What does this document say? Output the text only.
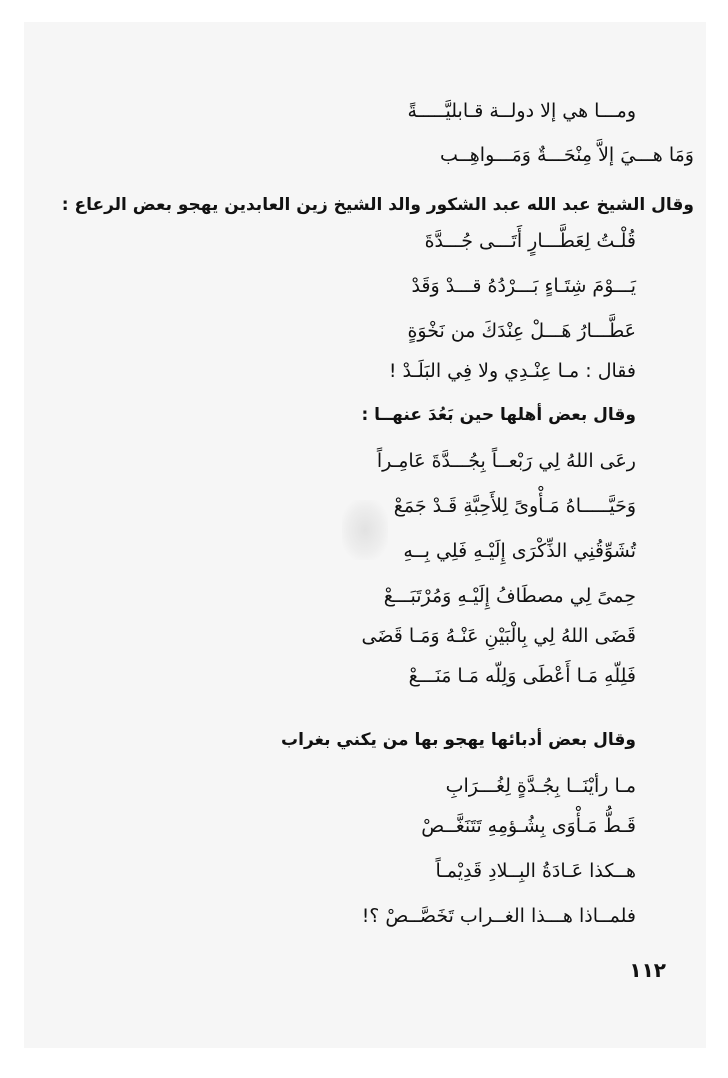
ومـــا هي إلا دولــة قـابليَّـــــةً
وَمَا هـــيَ إلاَّ مِنْحَـــةٌ وَمَـــواهِــب
وقال الشيخ عبد الله عبد الشكور والد الشيخ زين العابدين يهجو بعض الرعاع :
قُلْـتُ لِعَطَّـــارٍ أَتَـــى جُـــدَّةَ
يَـــوْمَ شِتَـاءٍ بَـــرْدُهُ قـــدْ وَقَدْ
عَطَّـــارُ هَـــلْ عِنْدَكَ من نَخْوَةٍ
فقال : مـا عِنْـدِي ولا فِي البَلَـدْ !
وقال بعض أهلها حين بَعُدَ عنهــا :
رعَى اللهُ لِي رَبْعــاً بِجُـــدَّةَ عَامِـراً
وَحَيَّـــــاهُ مَـأْوىً لِلأَحِبَّةِ قَـدْ جَمَعْ
تُشَوِّقُنِي الذِّكْرَى إِلَيْـهِ فَلِي بِــهِ
حِمىً لِي مصطَافُ إِلَيْـهِ وَمُرْتَبَـــعْ
قَضَى اللهُ لِي بِالْبَيْنِ عَنْـهُ وَمَـا قَضَى
فَلِلّهِ مَـا أَعْطَى وَلِلّه مَـا مَنَـــعْ
وقال بعض أدبائها يهجو بها من يكني بغراب
مـا رأيْنَــا بِجُـدَّةٍ لِغُـــرَابِ
قَـطُّ مَـأْوَى بِشُـؤمِهِ تَتَنَغَّــصْ
هــكذا عَـادَةُ البِــلادِ قَدِيْمـاً
فلمــاذا هـــذا الغــراب تَخَصَّــصْ ؟!
١١٢
